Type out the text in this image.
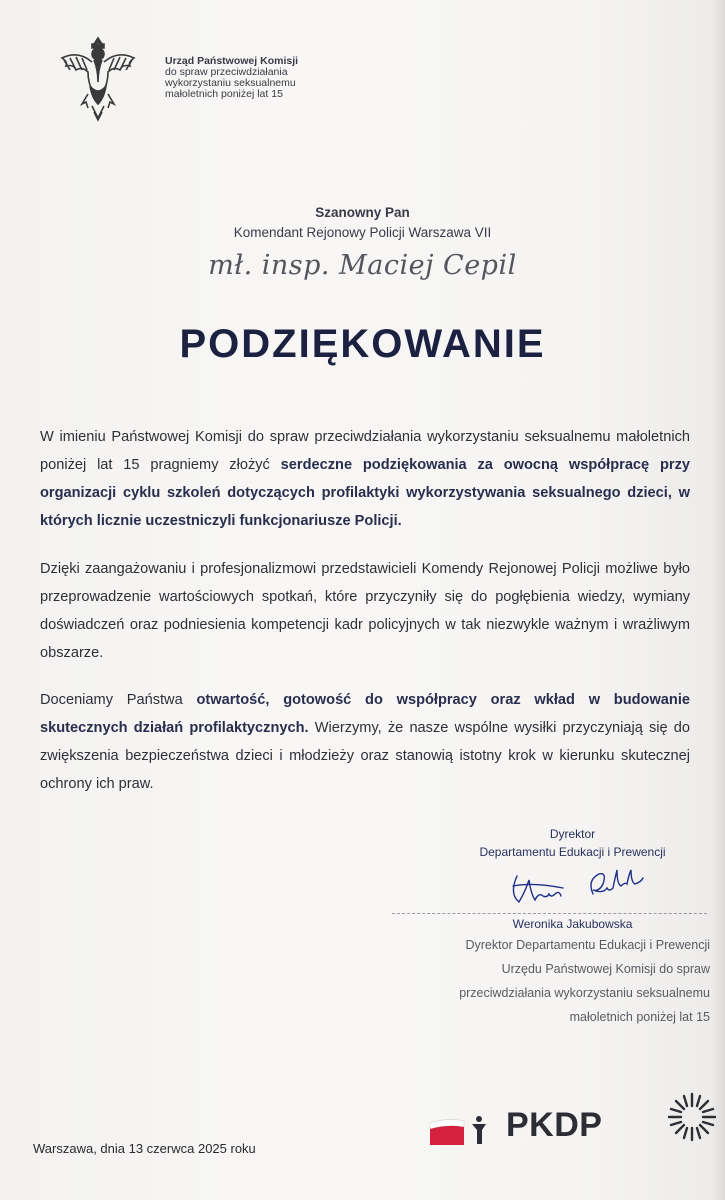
Urząd Państwowej Komisji
do spraw przeciwdziałania
wykorzystaniu seksualnemu
małoletnich poniżej lat 15
Szanowny Pan
Komendant Rejonowy Policji Warszawa VII
mł. insp. Maciej Cepil
PODZIĘKOWANIE
W imieniu Państwowej Komisji do spraw przeciwdziałania wykorzystaniu seksualnemu małoletnich poniżej lat 15 pragniemy złożyć serdeczne podziękowania za owocną współpracę przy organizacji cyklu szkoleń dotyczących profilaktyki wykorzystywania seksualnego dzieci, w których licznie uczestniczyli funkcjonariusze Policji.
Dzięki zaangażowaniu i profesjonalizmowi przedstawicieli Komendy Rejonowej Policji możliwe było przeprowadzenie wartościowych spotkań, które przyczyniły się do pogłębienia wiedzy, wymiany doświadczeń oraz podniesienia kompetencji kadr policyjnych w tak niezwykle ważnym i wrażliwym obszarze.
Doceniamy Państwa otwartość, gotowość do współpracy oraz wkład w budowanie skutecznych działań profilaktycznych. Wierzymy, że nasze wspólne wysiłki przyczyniają się do zwiększenia bezpieczeństwa dzieci i młodzieży oraz stanowią istotny krok w kierunku skutecznej ochrony ich praw.
Dyrektor
Departamentu Edukacji i Prewencji
Weronika Jakubowska
Dyrektor Departamentu Edukacji i Prewencji
Urzędu Państwowej Komisji do spraw
przeciwdziałania wykorzystaniu seksualnemu
małoletnich poniżej lat 15
Warszawa, dnia 13 czerwca 2025 roku
PKDP
